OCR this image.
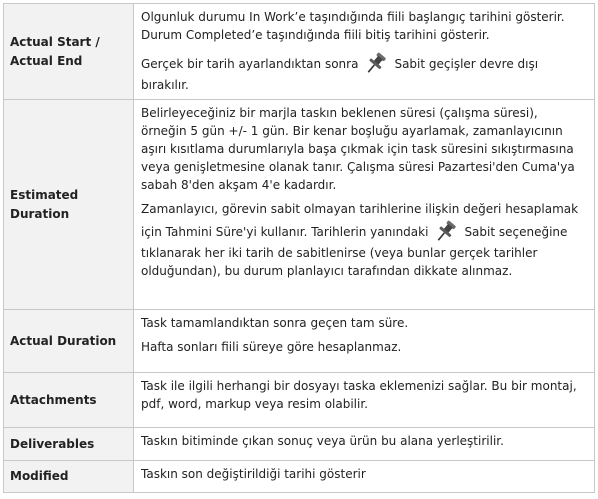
Actual Start / Actual End	Olgunluk durumu In Work’e taşındığında fiili başlangıç tarihini gösterir. Durum Completed’e taşındığında fiili bitiş tarihini gösterir.

Gerçek bir tarih ayarlandıktan sonra Sabit geçişler devre dışı bırakılır.

Estimated Duration	Belirleyeceğiniz bir marjla taskın beklenen süresi (çalışma süresi), örneğin 5 gün +/- 1 gün. Bir kenar boşluğu ayarlamak, zamanlayıcının aşırı kısıtlama durumlarıyla başa çıkmak için task süresini sıkıştırmasına veya genişletmesine olanak tanır. Çalışma süresi Pazartesi'den Cuma'ya sabah 8'den akşam 4'e kadardır.

Zamanlayıcı, görevin sabit olmayan tarihlerine ilişkin değeri hesaplamak için Tahmini Süre'yi kullanır. Tarihlerin yanındaki Sabit seçeneğine tıklanarak her iki tarih de sabitlenirse (veya bunlar gerçek tarihler olduğundan), bu durum planlayıcı tarafından dikkate alınmaz.

Actual Duration	Task tamamlandıktan sonra geçen tam süre.

Hafta sonları fiili süreye göre hesaplanmaz.

Attachments	Task ile ilgili herhangi bir dosyayı taska eklemenizi sağlar. Bu bir montaj, pdf, word, markup veya resim olabilir.

Deliverables	Taskın bitiminde çıkan sonuç veya ürün bu alana yerleştirilir.

Modified	Taskın son değiştirildiği tarihi gösterir
